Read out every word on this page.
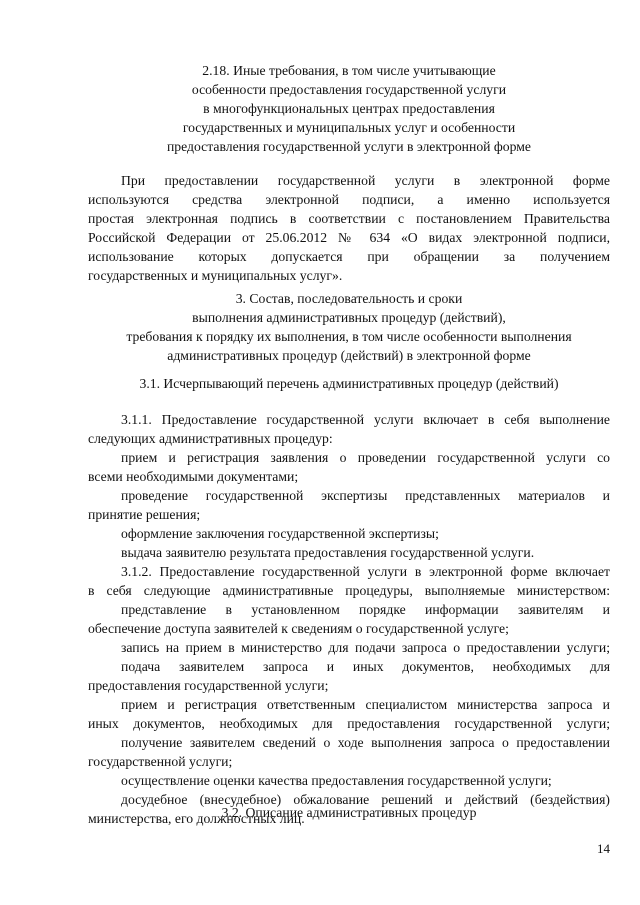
2.18. Иные требования, в том числе учитывающие
особенности предоставления государственной услуги
в многофункциональных центрах предоставления
государственных и муниципальных услуг и особенности
предоставления государственной услуги в электронной форме
При предоставлении государственной услуги в электронной форме
используются средства электронной подписи, а именно используется
простая электронная подпись в соответствии с постановлением Правительства
Российской Федерации от 25.06.2012 № 634 «О видах электронной подписи,
использование которых допускается при обращении за получением
государственных и муниципальных услуг».
3. Состав, последовательность и сроки
выполнения административных процедур (действий),
требования к порядку их выполнения, в том числе особенности выполнения
административных процедур (действий) в электронной форме
3.1. Исчерпывающий перечень административных процедур (действий)
3.1.1. Предоставление государственной услуги включает в себя выполнение
следующих административных процедур:
прием и регистрация заявления о проведении государственной услуги со
всеми необходимыми документами;
проведение государственной экспертизы представленных материалов и
принятие решения;
оформление заключения государственной экспертизы;
выдача заявителю результата предоставления государственной услуги.
3.1.2. Предоставление государственной услуги в электронной форме включает
в себя следующие административные процедуры, выполняемые министерством:
представление в установленном порядке информации заявителям и
обеспечение доступа заявителей к сведениям о государственной услуге;
запись на прием в министерство для подачи запроса о предоставлении услуги;
подача заявителем запроса и иных документов, необходимых для
предоставления государственной услуги;
прием и регистрация ответственным специалистом министерства запроса и
иных документов, необходимых для предоставления государственной услуги;
получение заявителем сведений о ходе выполнения запроса о предоставлении
государственной услуги;
осуществление оценки качества предоставления государственной услуги;
досудебное (внесудебное) обжалование решений и действий (бездействия)
министерства, его должностных лиц.
3.2. Описание административных процедур
14
